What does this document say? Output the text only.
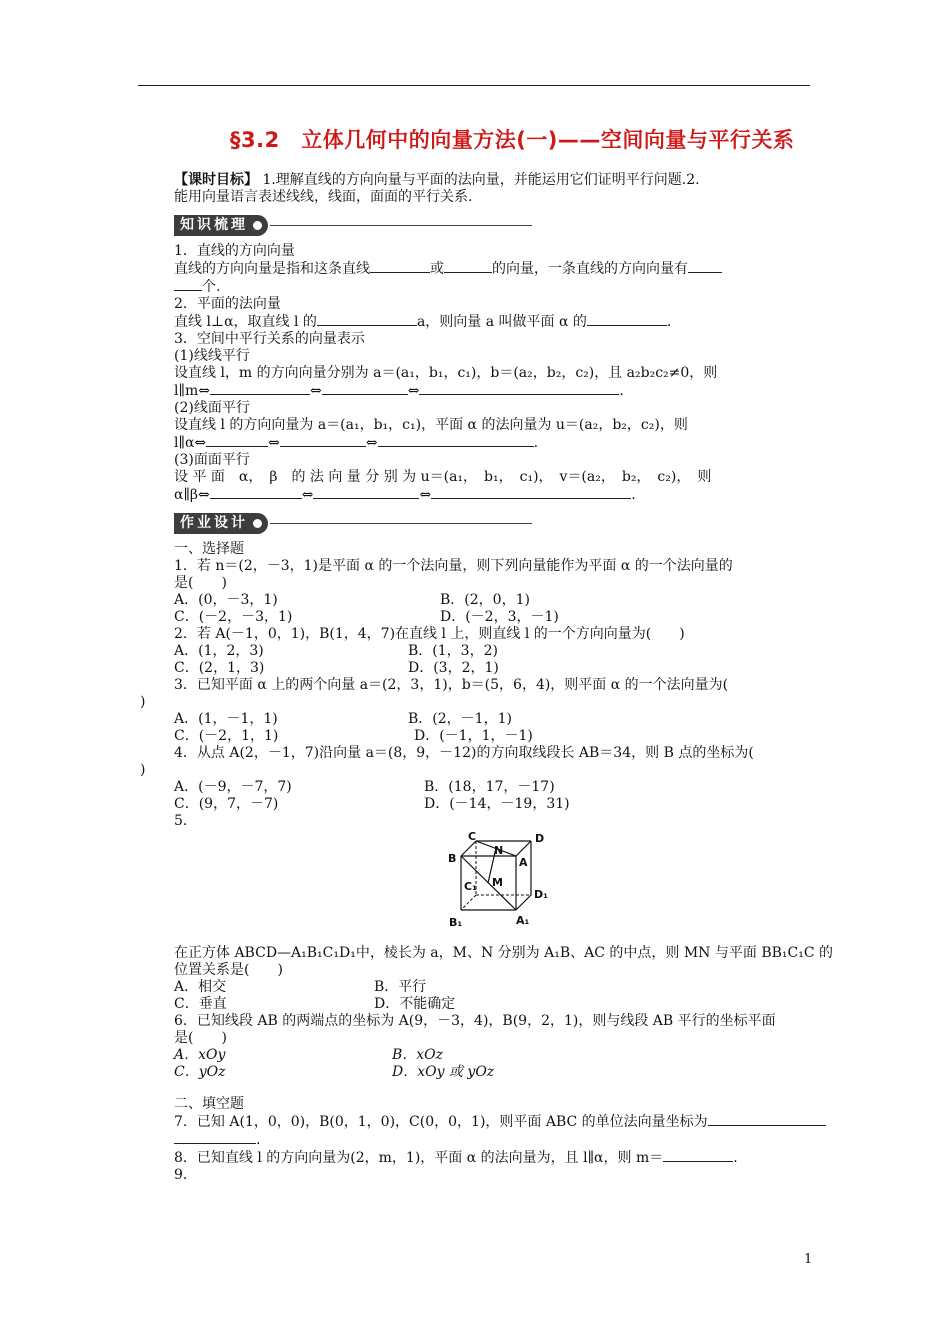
§3.2　立体几何中的向量方法(一)——空间向量与平行关系
【课时目标】 1.理解直线的方向向量与平面的法向量，并能运用它们证明平行问题.2.
能用向量语言表述线线，线面，面面的平行关系.
知识梳理
1．直线的方向向量
直线的方向向量是指和这条直线	或	的向量，一条直线的方向向量有
个.
2．平面的法向量
直线 l⊥α，取直线 l 的	a，则向量 a 叫做平面 α 的	.
3．空间中平行关系的向量表示
(1)线线平行
设直线 l，m 的方向向量分别为 a＝(a₁，b₁，c₁)，b＝(a₂，b₂，c₂)，且 a₂b₂c₂≠0，则
l∥m⇔	⇔	⇔	.
(2)线面平行
设直线 l 的方向向量为 a＝(a₁，b₁，c₁)，平面 α 的法向量为 u＝(a₂，b₂，c₂)，则
l∥α⇔	⇔	⇔	.
(3)面面平行
设 平 面　α，　β　的 法 向 量 分 别 为 u＝(a₁，　b₁，　c₁)，　v＝(a₂，　b₂，　c₂)，　则
α∥β⇔	⇔	⇔	.
作业设计
一、选择题
1．若 n＝(2，－3，1)是平面 α 的一个法向量，则下列向量能作为平面 α 的一个法向量的
是(　　)
A．(0，－3，1)	B．(2，0，1)
C．(－2，－3，1)	D．(－2，3，－1)
2．若 A(－1，0，1)，B(1，4，7)在直线 l 上，则直线 l 的一个方向向量为(　　)
A．(1，2，3)	B．(1，3，2)
C．(2，1，3)	D．(3，2，1)
3．已知平面 α 上的两个向量 a＝(2，3，1)，b＝(5，6，4)，则平面 α 的一个法向量为(
)
A．(1，－1，1)	B．(2，－1，1)
C．(－2，1，1)	D．(－1，1，－1)
4．从点 A(2，－1，7)沿向量 a＝(8，9，－12)的方向取线段长 AB＝34，则 B 点的坐标为(
)
A．(－9，－7，7)	B．(18，17，－17)
C．(9，7，－7)	D．(－14，－19，31)
5．
C
N
D
B	A
C₁ M
D₁
B₁	A₁
在正方体 ABCD—A₁B₁C₁D₁中，棱长为 a，M、N 分别为 A₁B、AC 的中点，则 MN 与平面 BB₁C₁C 的
位置关系是(　　)
A．相交	B．平行
C．垂直	D．不能确定
6．已知线段 AB 的两端点的坐标为 A(9，－3，4)，B(9，2，1)，则与线段 AB 平行的坐标平面
是(　　)
A．xOy	B．xOz
C．yOz	D．xOy 或 yOz
二、填空题
7．已知 A(1，0，0)，B(0，1，0)，C(0，0，1)，则平面 ABC 的单位法向量坐标为
.
8．已知直线 l 的方向向量为(2，m，1)，平面 α 的法向量为，且 l∥α，则 m＝	.
9.
1
